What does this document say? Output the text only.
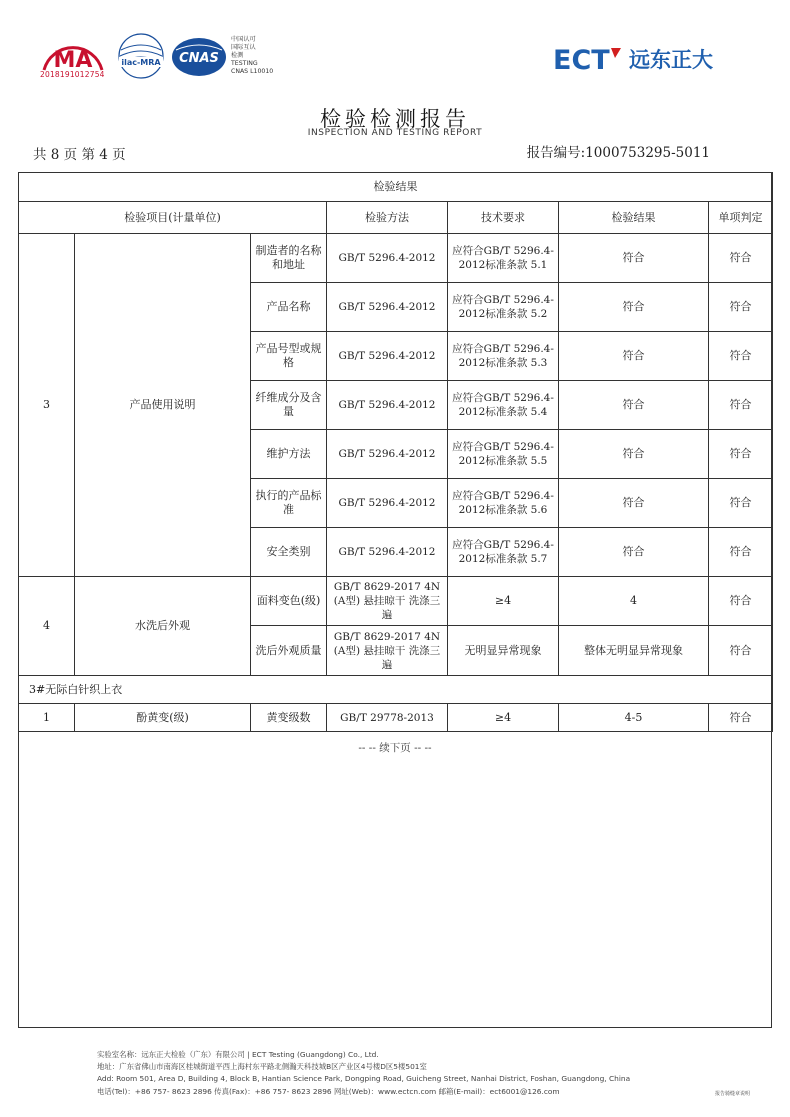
MA
2018191012754
ilac-MRA CNAS
中国认可
国际互认
检测
TESTING
CNAS L10010	ECT 远东正大
检验检测报告
INSPECTION AND TESTING REPORT
共 8 页 第 4 页	报告编号:1000753295-5011
检验结果						
检验项目(计量单位)			检验方法	技术要求	检验结果	单项判定
3	产品使用说明	制造者的名称和地址	GB/T 5296.4-2012	应符合GB/T 5296.4-2012标准条款 5.1	符合	符合
		产品名称	GB/T 5296.4-2012	应符合GB/T 5296.4-2012标准条款 5.2	符合	符合
		产品号型或规格	GB/T 5296.4-2012	应符合GB/T 5296.4-2012标准条款 5.3	符合	符合
		纤维成分及含量	GB/T 5296.4-2012	应符合GB/T 5296.4-2012标准条款 5.4	符合	符合
		维护方法	GB/T 5296.4-2012	应符合GB/T 5296.4-2012标准条款 5.5	符合	符合
		执行的产品标准	GB/T 5296.4-2012	应符合GB/T 5296.4-2012标准条款 5.6	符合	符合
		安全类别	GB/T 5296.4-2012	应符合GB/T 5296.4-2012标准条款 5.7	符合	符合
4	水洗后外观	面料变色(级)	GB/T 8629-2017 4N (A型) 悬挂晾干 洗涤三遍	≥4	4	符合
		洗后外观质量	GB/T 8629-2017 4N (A型) 悬挂晾干 洗涤三遍	无明显异常现象	整体无明显异常现象	符合
3#无际白针织上衣						
1	酚黄变(级)	黄变级数	GB/T 29778-2013	≥4	4-5	符合
-- -- 续下页 -- --
实验室名称：远东正大检验（广东）有限公司 | ECT Testing (Guangdong) Co., Ltd.
地址：广东省佛山市南海区桂城街道平西上海村东平路北侧瀚天科技城B区产业区4号楼D区5楼501室
Add: Room 501, Area D, Building 4, Block B, Hantian Science Park, Dongping Road, Guicheng Street, Nanhai District, Foshan, Guangdong, China
电话(Tel)：+86 757- 8623 2896 传真(Fax)：+86 757- 8623 2896 网址(Web)：www.ectcn.com 邮箱(E-mail)：ect6001@126.com	报告骑缝章说明
